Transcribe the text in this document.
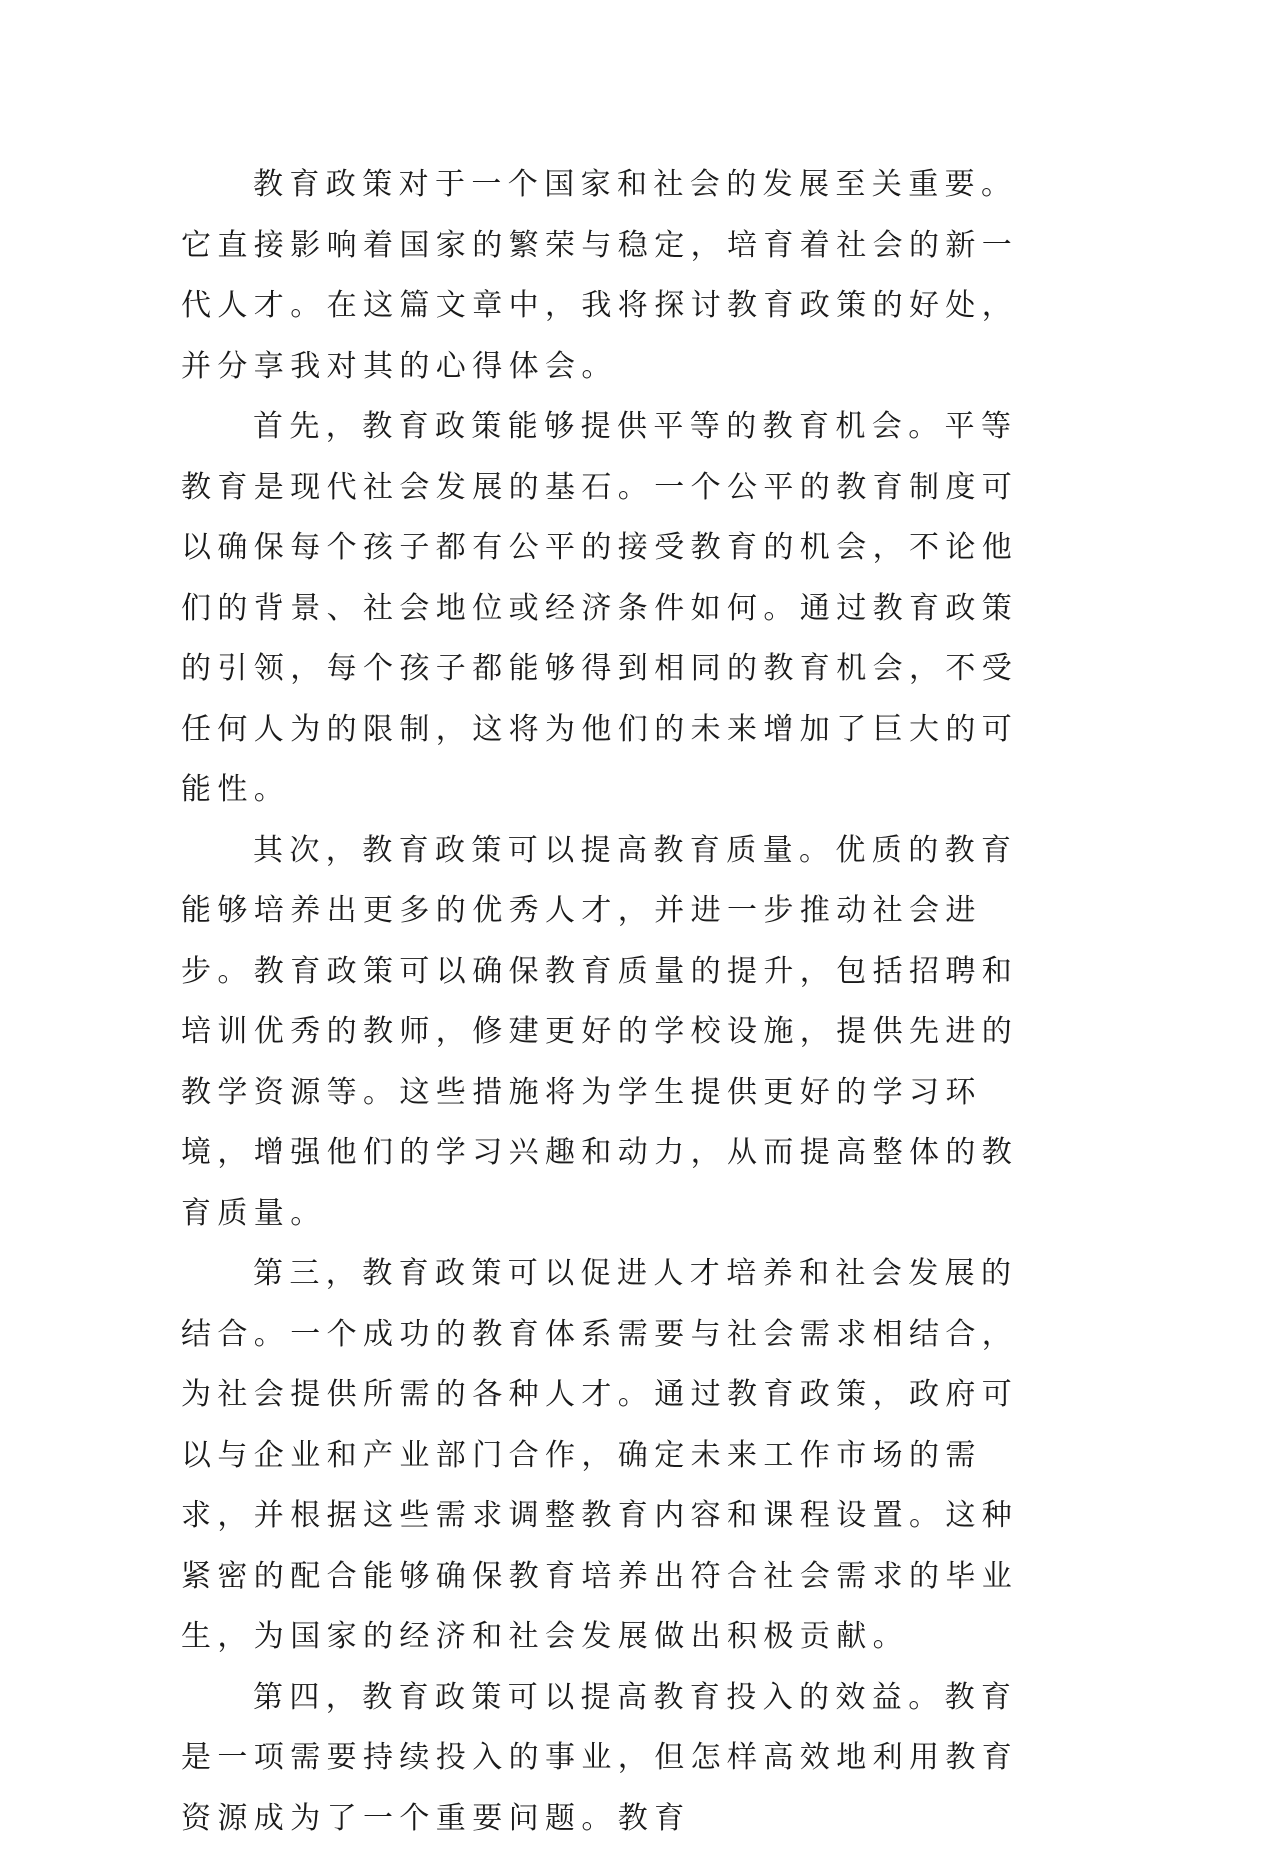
教育政策对于一个国家和社会的发展至关重要。它直接影响着国家的繁荣与稳定，培育着社会的新一代人才。在这篇文章中，我将探讨教育政策的好处，并分享我对其的心得体会。

首先，教育政策能够提供平等的教育机会。平等教育是现代社会发展的基石。一个公平的教育制度可以确保每个孩子都有公平的接受教育的机会，不论他们的背景、社会地位或经济条件如何。通过教育政策的引领，每个孩子都能够得到相同的教育机会，不受任何人为的限制，这将为他们的未来增加了巨大的可能性。

其次，教育政策可以提高教育质量。优质的教育能够培养出更多的优秀人才，并进一步推动社会进步。教育政策可以确保教育质量的提升，包括招聘和培训优秀的教师，修建更好的学校设施，提供先进的教学资源等。这些措施将为学生提供更好的学习环境，增强他们的学习兴趣和动力，从而提高整体的教育质量。

第三，教育政策可以促进人才培养和社会发展的结合。一个成功的教育体系需要与社会需求相结合，为社会提供所需的各种人才。通过教育政策，政府可以与企业和产业部门合作，确定未来工作市场的需求，并根据这些需求调整教育内容和课程设置。这种紧密的配合能够确保教育培养出符合社会需求的毕业生，为国家的经济和社会发展做出积极贡献。

第四，教育政策可以提高教育投入的效益。教育是一项需要持续投入的事业，但怎样高效地利用教育资源成为了一个重要问题。教育
